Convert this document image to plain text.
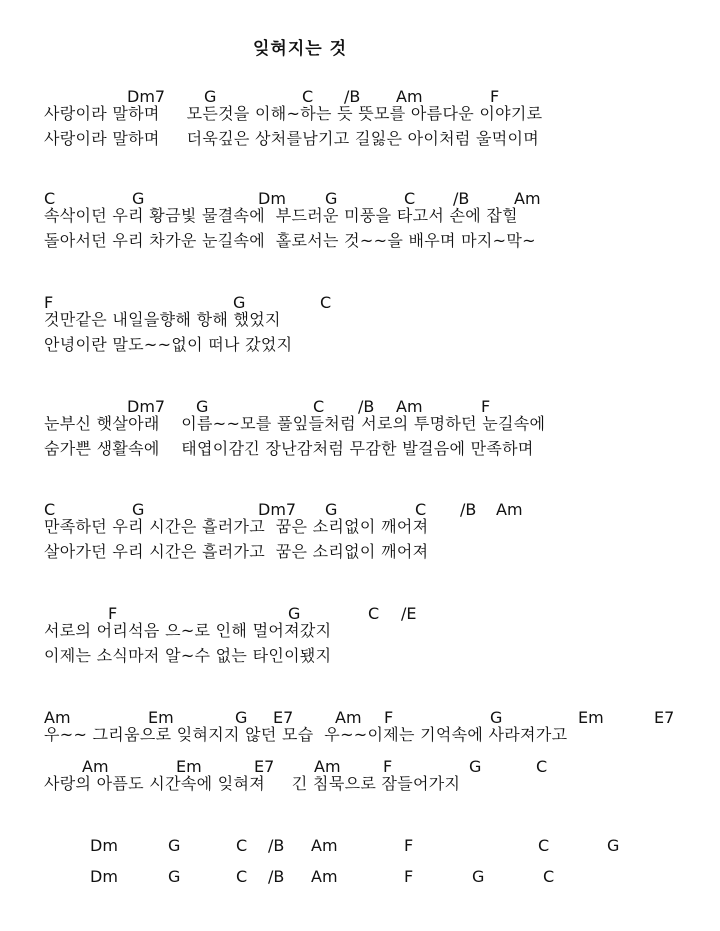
잊혀지는 것
Dm7 G	C /B Am	F
사랑이라 말하며     모든것을 이해~하는 듯 뜻모를 아름다운 이야기로
사랑이라 말하며     더욱깊은 상처를남기고 길잃은 아이처럼 울먹이며
C	G	Dm G	C /B	Am
속삭이던 우리 황금빛 물결속에  부드러운 미풍을 타고서 손에 잡힐
돌아서던 우리 차가운 눈길속에  홀로서는 것~~을 배우며 마지~막~
F	G	C
것만같은 내일을향해 항해 했었지
안녕이란 말도~~없이 떠나 갔었지
Dm7 G	C /B Am	F
눈부신 햇살아래    이름~~모를 풀잎들처럼 서로의 투명하던 눈길속에
숨가쁜 생활속에    태엽이감긴 장난감처럼 무감한 발걸음에 만족하며
C	G	Dm7 G	C /B Am
만족하던 우리 시간은 흘러가고  꿈은 소리없이 깨어져
살아가던 우리 시간은 흘러가고  꿈은 소리없이 깨어져
F	G	C /E
서로의 어리석음 으~로 인해 멀어져갔지
이제는 소식마저 알~수 없는 타인이됐지
Am	Em	G E7	Am F	G	Em	E7
우~~ 그리움으로 잊혀지지 않던 모습  우~~이제는 기억속에 사라져가고
Am	Em	E7 Am	F	G	C
사랑의 아픔도 시간속에 잊혀져     긴 침묵으로 잠들어가지
Dm	G	C /B Am	F	C	G
Dm	G	C /B Am	F	G	C
